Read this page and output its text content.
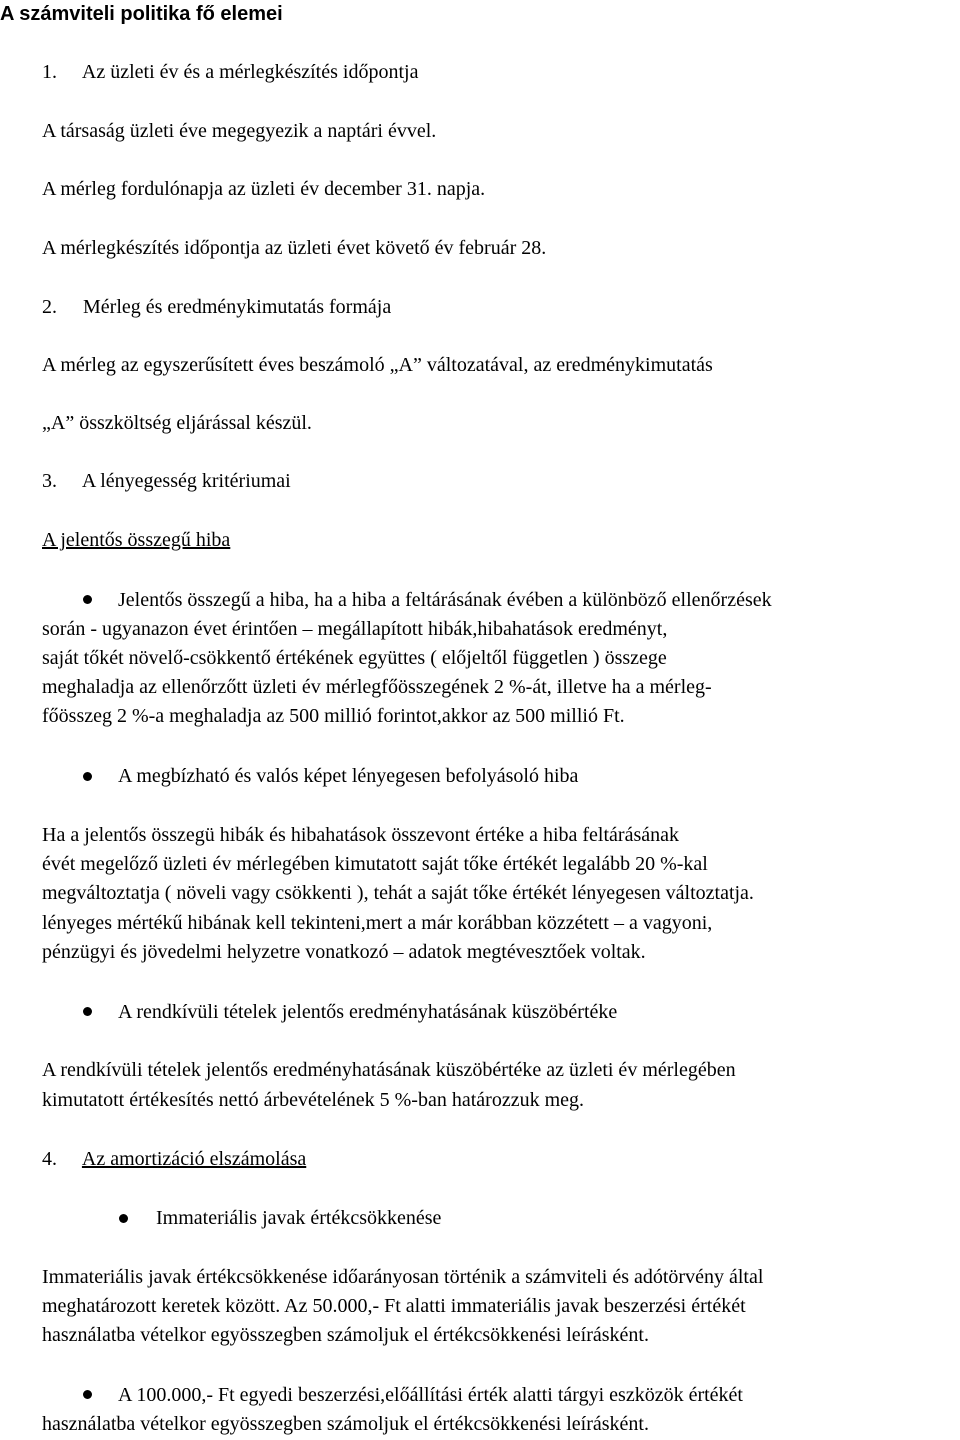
A számviteli politika fő elemei
1. Az üzleti év és a mérlegkészítés időpontja
A társaság üzleti éve megegyezik a naptári évvel.
A mérleg fordulónapja az üzleti év december 31. napja.
A mérlegkészítés időpontja az üzleti évet követő év február 28.
2. Mérleg és eredménykimutatás formája
A mérleg az egyszerűsített éves beszámoló „A” változatával, az eredménykimutatás
„A” összköltség eljárással készül.
3. A lényegesség kritériumai
A jelentős összegű hiba
Jelentős összegű a hiba, ha a hiba a feltárásának évében a különböző ellenőrzések
során - ugyanazon évet érintően – megállapított hibák,hibahatások eredményt,
saját tőkét növelő-csökkentő értékének együttes ( előjeltől független ) összege
meghaladja az ellenőrzőtt üzleti év mérlegfőösszegének 2 %-át, illetve ha a mérleg-
főösszeg 2 %-a meghaladja az 500 millió forintot,akkor az 500 millió Ft.
A megbízható és valós képet lényegesen befolyásoló hiba
Ha a jelentős összegü hibák és hibahatások összevont értéke a hiba feltárásának
évét megelőző üzleti év mérlegében kimutatott saját tőke értékét legalább 20 %-kal
megváltoztatja ( növeli vagy csökkenti ), tehát a saját tőke értékét lényegesen változtatja.
lényeges mértékű hibának kell tekinteni,mert a már korábban közzétett – a vagyoni,
pénzügyi és jövedelmi helyzetre vonatkozó – adatok megtévesztőek voltak.
A rendkívüli tételek jelentős eredményhatásának küszöbértéke
A rendkívüli tételek jelentős eredményhatásának küszöbértéke az üzleti év mérlegében
kimutatott értékesítés nettó árbevételének 5 %-ban határozzuk meg.
4. Az amortizáció elszámolása
Immateriális javak értékcsökkenése
Immateriális javak értékcsökkenése időarányosan történik a számviteli és adótörvény által
meghatározott keretek között. Az 50.000,- Ft alatti immateriális javak beszerzési értékét
használatba vételkor egyösszegben számoljuk el értékcsökkenési leírásként.
A 100.000,- Ft egyedi beszerzési,előállítási érték alatti tárgyi eszközök értékét
használatba vételkor egyösszegben számoljuk el értékcsökkenési leírásként.
